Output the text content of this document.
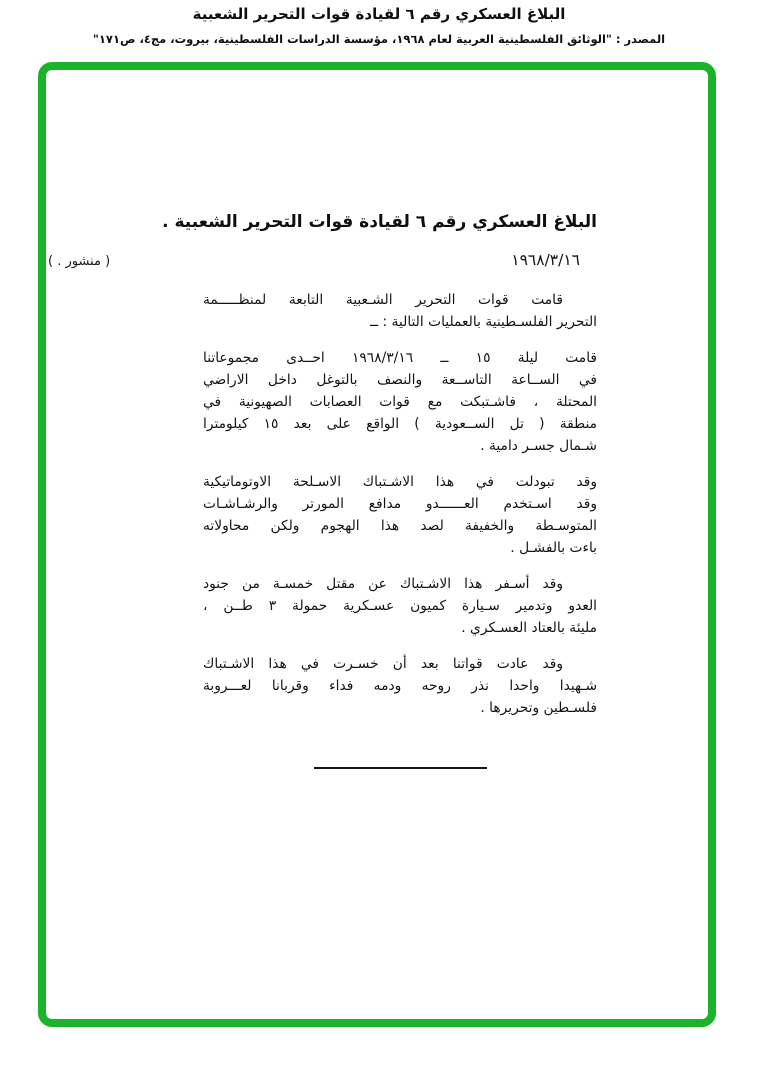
البلاغ العسكري رقم ٦ لقيادة قوات التحرير الشعبية
المصدر : "الوثائق الفلسطينية العربية لعام ١٩٦٨، مؤسسة الدراسات الفلسطينية، بيروت، مج٤، ص١٧١"
( منشور . )
البلاغ العسكري رقم ٦ لقيادة قوات التحرير الشعبية .
١٩٦٨/٣/١٦
قامت قوات التحرير الشـعبية التابعة لمنظـــــمة
التحرير الفلسـطينية بالعمليات التالية : ــ
قامت ليلة ١٥ ــ ١٩٦٨/٣/١٦ احــدى مجموعاتنا
في الســاعة التاســعة والنصف بالتوغل داخل الاراضي
المحتلة ، فاشـتبكت مع قوات العصابات الصهيونية في
منطقة ( تل الســعودية ) الواقع على بعد ١٥ كيلومترا
شـمال جسـر دامية .
وقد تبودلت في هذا الاشـتباك الاسـلحة الاوتوماتيكية
وقد اسـتخدم العــــــدو مدافع المورتر والرشـاشـات
المتوسـطة والخفيفة لصد هذا الهجوم ولكن محاولاته
باءت بالفشـل .
وقد أسـفر هذا الاشـتباك عن مقتل خمسـة من جنود
العدو وتدمير سـيارة كميون عسـكرية حمولة ٣ طــن ،
مليئة بالعتاد العسـكري .
وقد عادت قواتنا بعد أن خسـرت في هذا الاشـتباك
شـهيدا واحدا نذر روحه ودمه فداء وقربانا لعـــروبة
فلسـطين وتحريرها .
